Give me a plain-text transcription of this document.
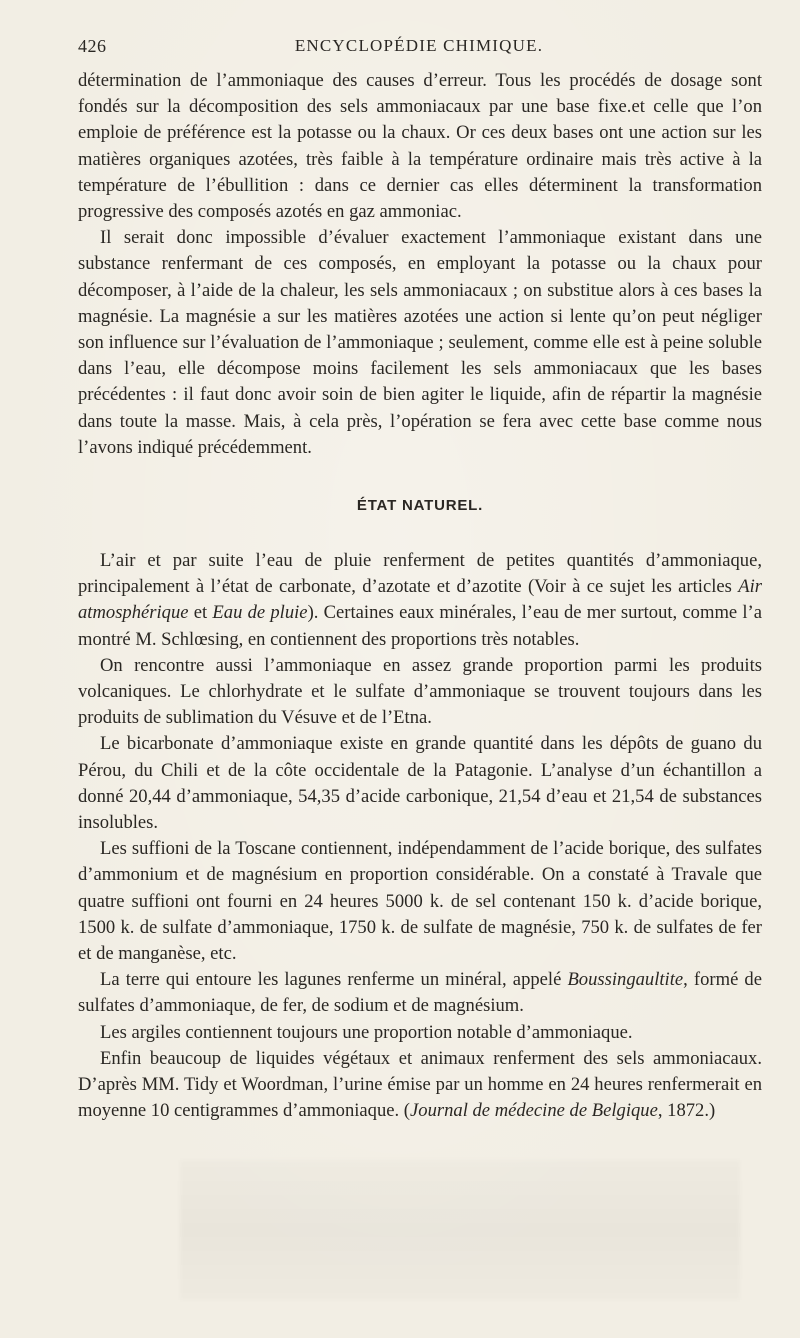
426	ENCYCLOPÉDIE CHIMIQUE.

détermination de l’ammoniaque des causes d’erreur. Tous les procédés de dosage sont fondés sur la décomposition des sels ammoniacaux par une base fixe.et celle que l’on emploie de préférence est la potasse ou la chaux. Or ces deux bases ont une action sur les matières organiques azotées, très faible à la température ordinaire mais très active à la température de l’ébullition : dans ce dernier cas elles déterminent la transformation progressive des composés azotés en gaz ammoniac.

Il serait donc impossible d’évaluer exactement l’ammoniaque existant dans une substance renfermant de ces composés, en employant la potasse ou la chaux pour décomposer, à l’aide de la chaleur, les sels ammoniacaux ; on substitue alors à ces bases la magnésie. La magnésie a sur les matières azotées une action si lente qu’on peut négliger son influence sur l’évaluation de l’ammoniaque ; seulement, comme elle est à peine soluble dans l’eau, elle décompose moins facilement les sels ammoniacaux que les bases précédentes : il faut donc avoir soin de bien agiter le liquide, afin de répartir la magnésie dans toute la masse. Mais, à cela près, l’opération se fera avec cette base comme nous l’avons indiqué précédemment.

ÉTAT NATUREL.

L’air et par suite l’eau de pluie renferment de petites quantités d’ammoniaque, principalement à l’état de carbonate, d’azotate et d’azotite (Voir à ce sujet les articles Air atmosphérique et Eau de pluie). Certaines eaux minérales, l’eau de mer surtout, comme l’a montré M. Schlœsing, en contiennent des proportions très notables.

On rencontre aussi l’ammoniaque en assez grande proportion parmi les produits volcaniques. Le chlorhydrate et le sulfate d’ammoniaque se trouvent toujours dans les produits de sublimation du Vésuve et de l’Etna.

Le bicarbonate d’ammoniaque existe en grande quantité dans les dépôts de guano du Pérou, du Chili et de la côte occidentale de la Patagonie. L’analyse d’un échantillon a donné 20,44 d’ammoniaque, 54,35 d’acide carbonique, 21,54 d’eau et 21,54 de substances insolubles.

Les suffioni de la Toscane contiennent, indépendamment de l’acide borique, des sulfates d’ammonium et de magnésium en proportion considérable. On a constaté à Travale que quatre suffioni ont fourni en 24 heures 5000 k. de sel contenant 150 k. d’acide borique, 1500 k. de sulfate d’ammoniaque, 1750 k. de sulfate de magnésie, 750 k. de sulfates de fer et de manganèse, etc.

La terre qui entoure les lagunes renferme un minéral, appelé Boussingaultite, formé de sulfates d’ammoniaque, de fer, de sodium et de magnésium.

Les argiles contiennent toujours une proportion notable d’ammoniaque.

Enfin beaucoup de liquides végétaux et animaux renferment des sels ammoniacaux. D’après MM. Tidy et Woordman, l’urine émise par un homme en 24 heures renfermerait en moyenne 10 centigrammes d’ammoniaque. (Journal de médecine de Belgique, 1872.)
